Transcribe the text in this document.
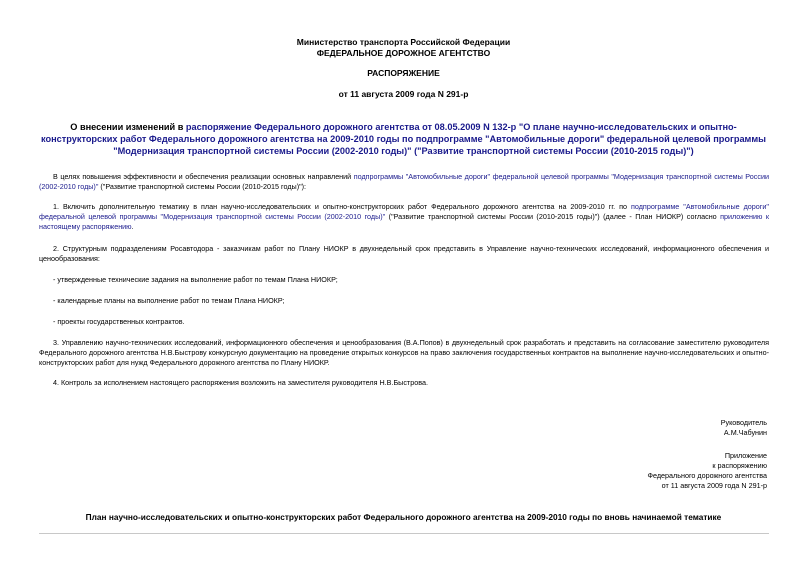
Министерство транспорта Российской Федерации
ФЕДЕРАЛЬНОЕ ДОРОЖНОЕ АГЕНТСТВО
РАСПОРЯЖЕНИЕ
от 11 августа 2009 года N 291-р
О внесении изменений в распоряжение Федерального дорожного агентства от 08.05.2009 N 132-р "О плане научно-исследовательских и опытно-конструкторских работ Федерального дорожного агентства на 2009-2010 годы по подпрограмме "Автомобильные дороги" федеральной целевой программы "Модернизация транспортной системы России (2002-2010 годы)" ("Развитие транспортной системы России (2010-2015 годы)")
В целях повышения эффективности и обеспечения реализации основных направлений подпрограммы "Автомобильные дороги" федеральной целевой программы "Модернизация транспортной системы России (2002-2010 годы)" ("Развитие транспортной системы России (2010-2015 годы)"):
1. Включить дополнительную тематику в план научно-исследовательских и опытно-конструкторских работ Федерального дорожного агентства на 2009-2010 гг. по подпрограмме "Автомобильные дороги" федеральной целевой программы "Модернизация транспортной системы России (2002-2010 годы)" ("Развитие транспортной системы России (2010-2015 годы)") (далее - План НИОКР) согласно приложению к настоящему распоряжению.
2. Структурным подразделениям Росавтодора - заказчикам работ по Плану НИОКР в двухнедельный срок представить в Управление научно-технических исследований, информационного обеспечения и ценообразования:
- утвержденные технические задания на выполнение работ по темам Плана НИОКР;
- календарные планы на выполнение работ по темам Плана НИОКР;
- проекты государственных контрактов.
3. Управлению научно-технических исследований, информационного обеспечения и ценообразования (В.А.Попов) в двухнедельный срок разработать и представить на согласование заместителю руководителя Федерального дорожного агентства Н.В.Быстрову конкурсную документацию на проведение открытых конкурсов на право заключения государственных контрактов на выполнение научно-исследовательских и опытно-конструкторских работ для нужд Федерального дорожного агентства по Плану НИОКР.
4. Контроль за исполнением настоящего распоряжения возложить на заместителя руководителя Н.В.Быстрова.
Руководитель
А.М.Чабунин
Приложение
к распоряжению
Федерального дорожного агентства
от 11 августа 2009 года N 291-р
План научно-исследовательских и опытно-конструкторских работ Федерального дорожного агентства на 2009-2010 годы по вновь начинаемой тематике
